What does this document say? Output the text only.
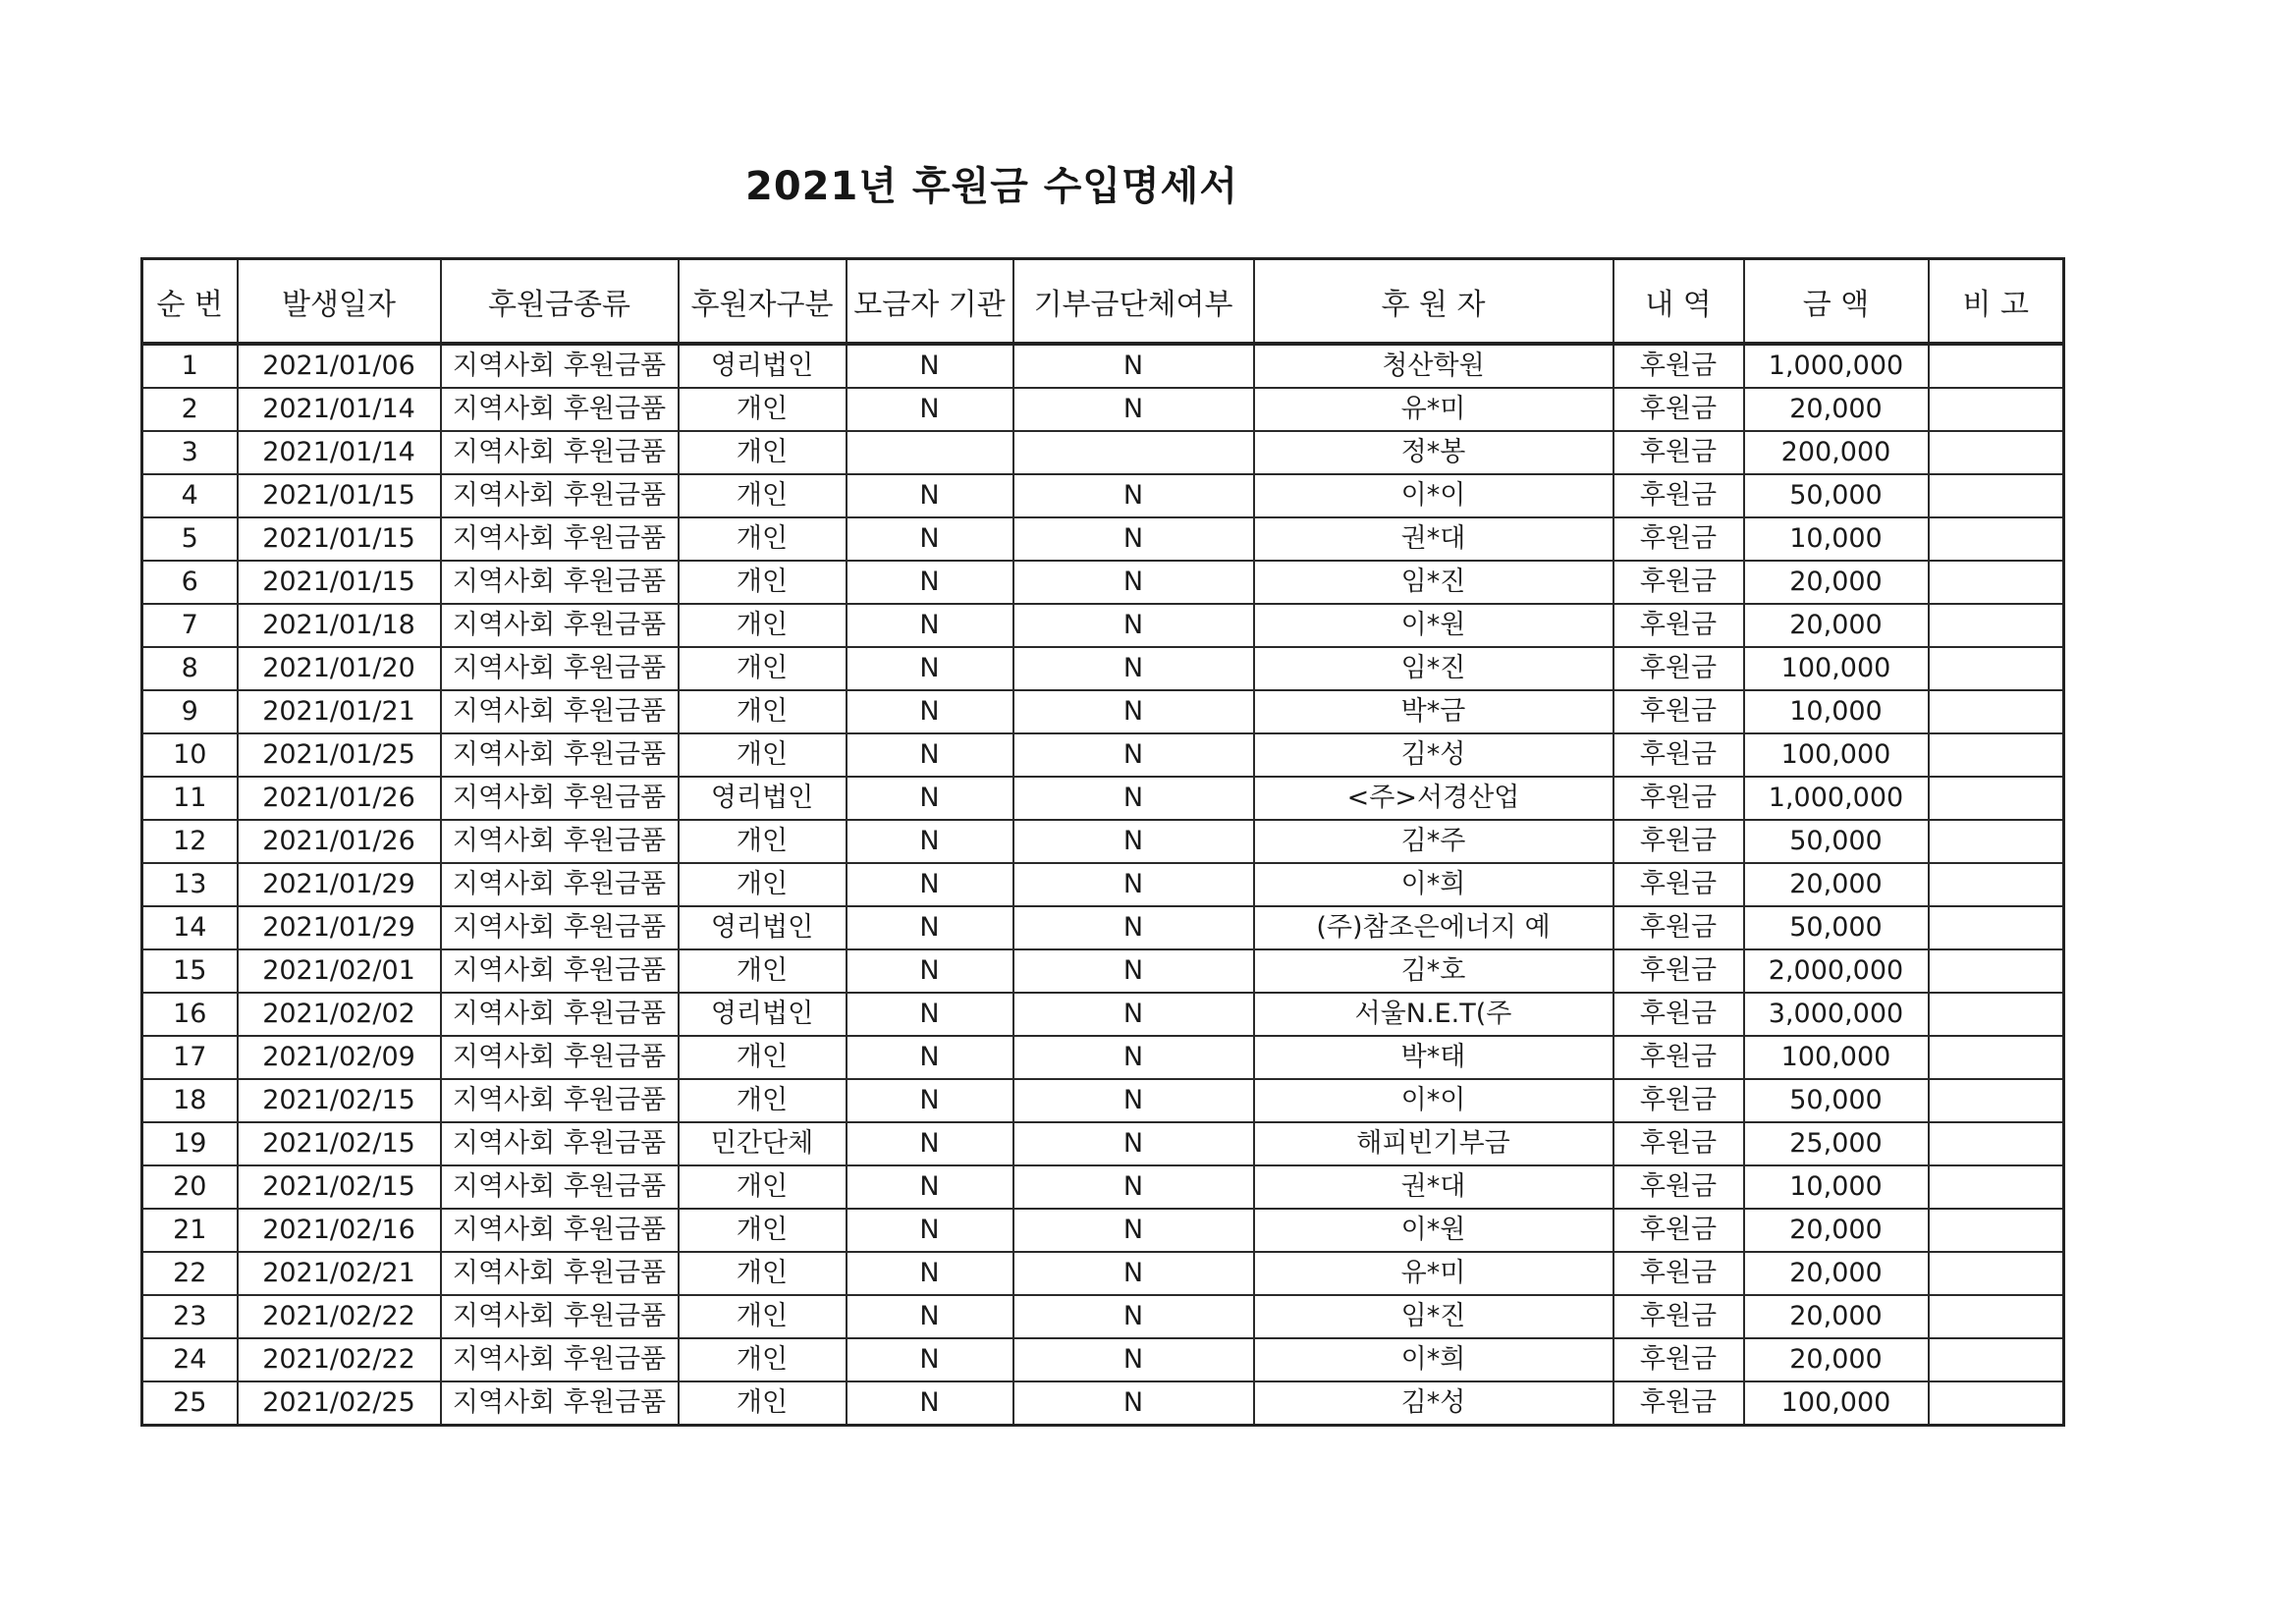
2021년 후원금 수입명세서
순 번	발생일자	후원금종류	후원자구분	모금자 기관	기부금단체여부	후 원 자	내 역	금 액	비 고
1	2021/01/06	지역사회 후원금품	영리법인	N	N	청산학원	후원금	1,000,000	
2	2021/01/14	지역사회 후원금품	개인	N	N	유*미	후원금	20,000	
3	2021/01/14	지역사회 후원금품	개인			정*봉	후원금	200,000	
4	2021/01/15	지역사회 후원금품	개인	N	N	이*이	후원금	50,000	
5	2021/01/15	지역사회 후원금품	개인	N	N	권*대	후원금	10,000	
6	2021/01/15	지역사회 후원금품	개인	N	N	임*진	후원금	20,000	
7	2021/01/18	지역사회 후원금품	개인	N	N	이*원	후원금	20,000	
8	2021/01/20	지역사회 후원금품	개인	N	N	임*진	후원금	100,000	
9	2021/01/21	지역사회 후원금품	개인	N	N	박*금	후원금	10,000	
10	2021/01/25	지역사회 후원금품	개인	N	N	김*성	후원금	100,000	
11	2021/01/26	지역사회 후원금품	영리법인	N	N	<주>서경산업	후원금	1,000,000	
12	2021/01/26	지역사회 후원금품	개인	N	N	김*주	후원금	50,000	
13	2021/01/29	지역사회 후원금품	개인	N	N	이*희	후원금	20,000	
14	2021/01/29	지역사회 후원금품	영리법인	N	N	(주)참조은에너지 예	후원금	50,000	
15	2021/02/01	지역사회 후원금품	개인	N	N	김*호	후원금	2,000,000	
16	2021/02/02	지역사회 후원금품	영리법인	N	N	서울N.E.T(주	후원금	3,000,000	
17	2021/02/09	지역사회 후원금품	개인	N	N	박*태	후원금	100,000	
18	2021/02/15	지역사회 후원금품	개인	N	N	이*이	후원금	50,000	
19	2021/02/15	지역사회 후원금품	민간단체	N	N	해피빈기부금	후원금	25,000	
20	2021/02/15	지역사회 후원금품	개인	N	N	권*대	후원금	10,000	
21	2021/02/16	지역사회 후원금품	개인	N	N	이*원	후원금	20,000	
22	2021/02/21	지역사회 후원금품	개인	N	N	유*미	후원금	20,000	
23	2021/02/22	지역사회 후원금품	개인	N	N	임*진	후원금	20,000	
24	2021/02/22	지역사회 후원금품	개인	N	N	이*희	후원금	20,000	
25	2021/02/25	지역사회 후원금품	개인	N	N	김*성	후원금	100,000	
